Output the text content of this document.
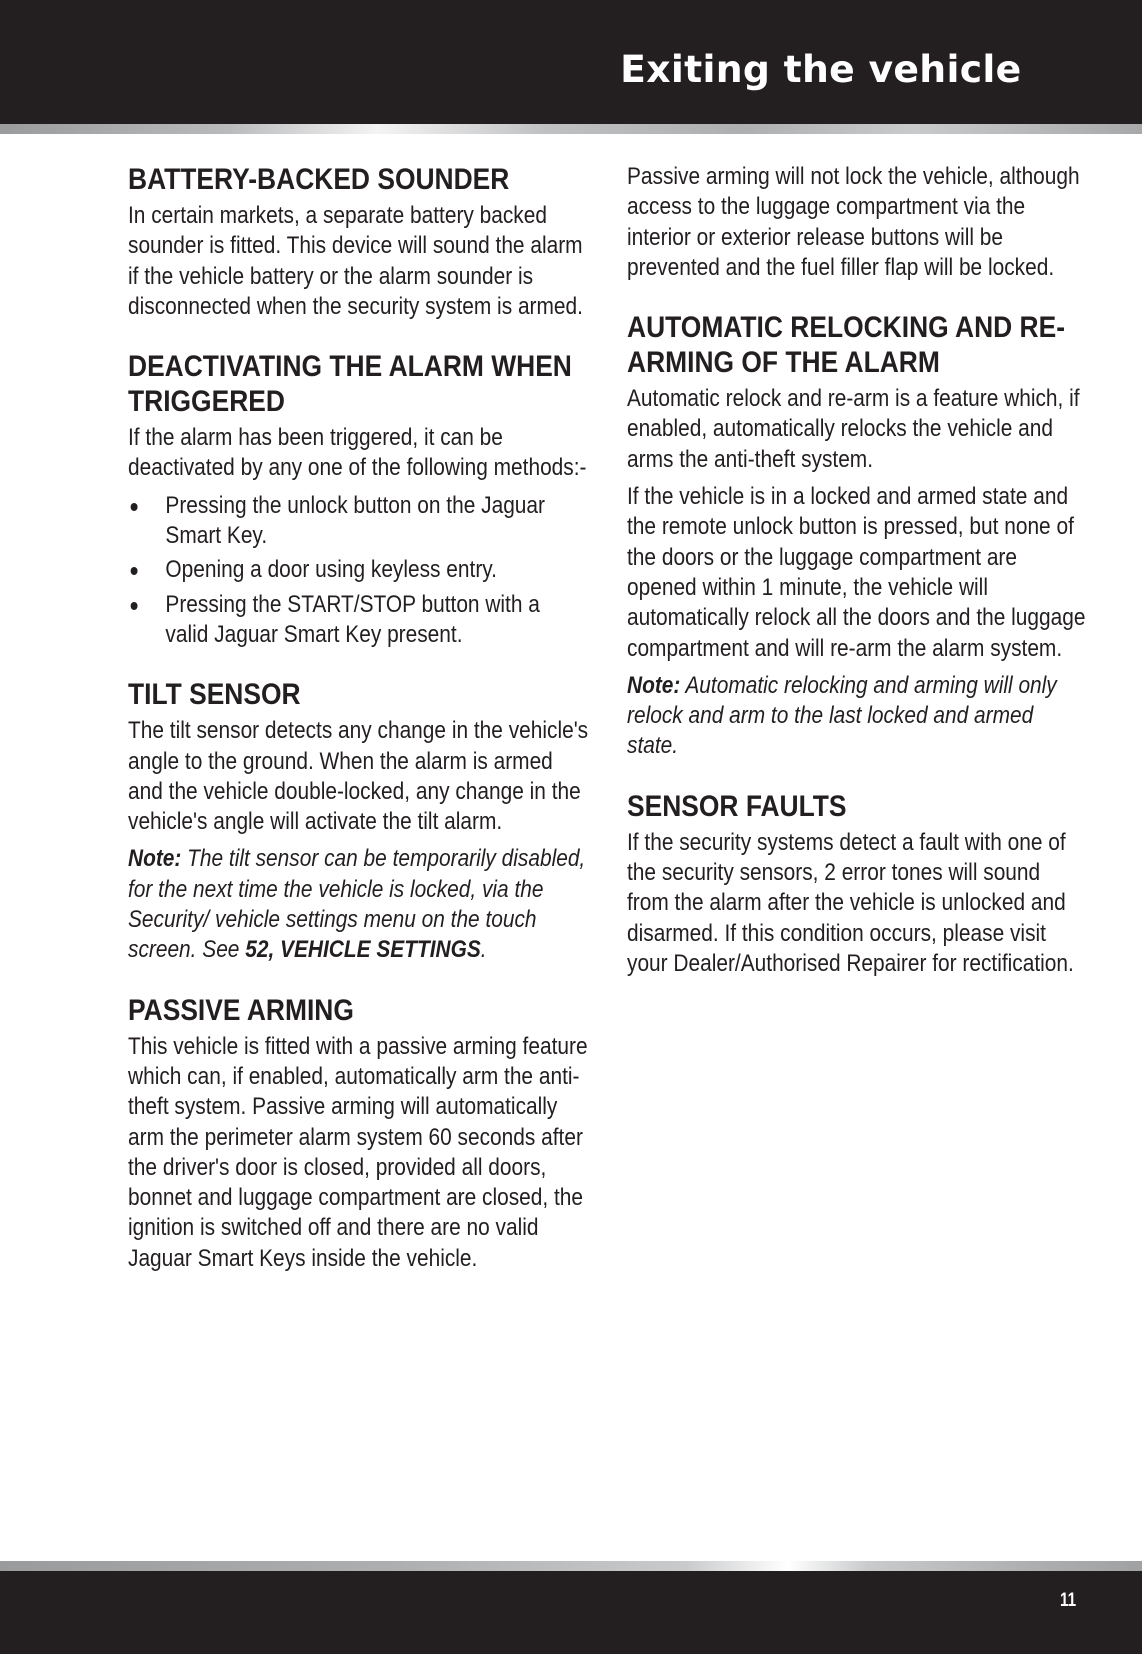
Exiting the vehicle
BATTERY-BACKED SOUNDER

In certain markets, a separate battery backed sounder is fitted. This device will sound the alarm if the vehicle battery or the alarm sounder is disconnected when the security system is armed.

DEACTIVATING THE ALARM WHEN TRIGGERED

If the alarm has been triggered, it can be deactivated by any one of the following methods:-

Pressing the unlock button on the Jaguar Smart Key.
Opening a door using keyless entry.
Pressing the START/STOP button with a valid Jaguar Smart Key present.
TILT SENSOR

The tilt sensor detects any change in the vehicle's angle to the ground. When the alarm is armed and the vehicle double-locked, any change in the vehicle's angle will activate the tilt alarm.

Note: The tilt sensor can be temporarily disabled, for the next time the vehicle is locked, via the Security/ vehicle settings menu on the touch screen. See 52, VEHICLE SETTINGS.

PASSIVE ARMING

This vehicle is fitted with a passive arming feature which can, if enabled, automatically arm the anti-theft system. Passive arming will automatically arm the perimeter alarm system 60 seconds after the driver's door is closed, provided all doors, bonnet and luggage compartment are closed, the ignition is switched off and there are no valid Jaguar Smart Keys inside the vehicle.

Passive arming will not lock the vehicle, although access to the luggage compartment via the interior or exterior release buttons will be prevented and the fuel filler flap will be locked.

AUTOMATIC RELOCKING AND RE-ARMING OF THE ALARM

Automatic relock and re-arm is a feature which, if enabled, automatically relocks the vehicle and arms the anti-theft system.

If the vehicle is in a locked and armed state and the remote unlock button is pressed, but none of the doors or the luggage compartment are opened within 1 minute, the vehicle will automatically relock all the doors and the luggage compartment and will re-arm the alarm system.

Note: Automatic relocking and arming will only relock and arm to the last locked and armed state.

SENSOR FAULTS

If the security systems detect a fault with one of the security sensors, 2 error tones will sound from the alarm after the vehicle is unlocked and disarmed. If this condition occurs, please visit your Dealer/Authorised Repairer for rectification.

11
